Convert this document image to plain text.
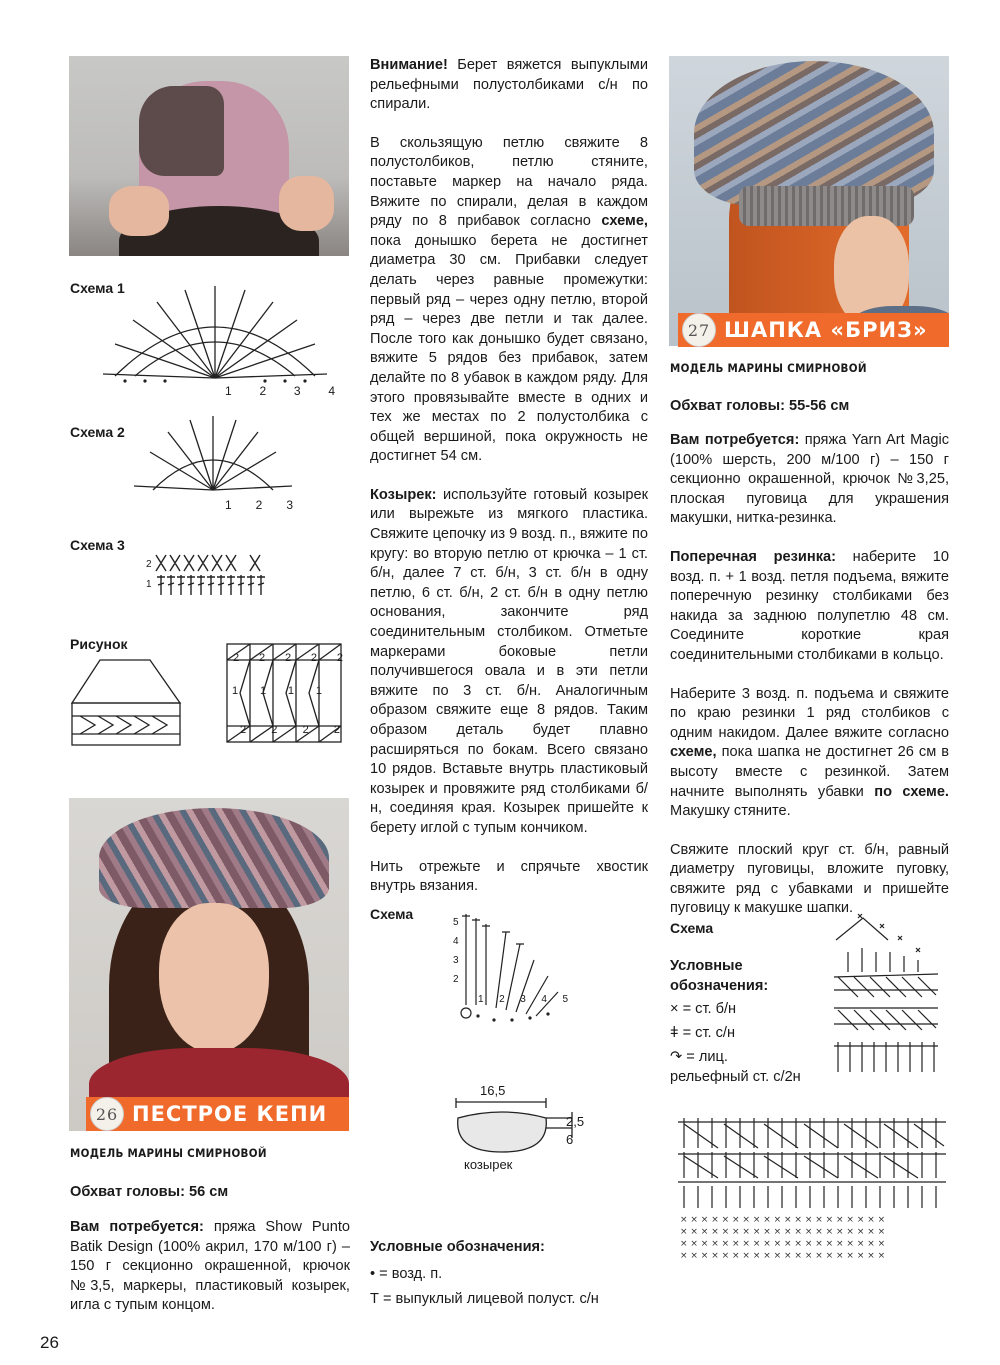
Схема 1
1 2 3 4
Схема 2
1 2 3
Схема 3
2
1
Рисунок
2 2 2 2 2
1 1 1 1
2 2 2 2
26 ПЕСТРОЕ КЕПИ
МОДЕЛЬ МАРИНЫ СМИРНОВОЙ
Обхват головы: 56 см

Вам потребуется: пряжа Show Punto Batik Design (100% акрил, 170 м/100 г) – 150 г секционно окрашенной, крючок №3,5, маркеры, пластиковый козырек, игла с тупым концом.

26

Внимание! Берет вяжется выпуклыми рельефными полустолбиками с/н по спирали.

В скользящую петлю свяжите 8 полустолбиков, петлю стяните, поставьте маркер на начало ряда. Вяжите по спирали, делая в каждом ряду по 8 прибавок согласно схеме, пока донышко берета не достигнет диаметра 30 см. Прибавки следует делать через равные промежутки: первый ряд – через одну петлю, второй ряд – через две петли и так далее. После того как донышко будет связано, вяжите 5 рядов без прибавок, затем делайте по 8 убавок в каждом ряду. Для этого провязывайте вместе в одних и тех же местах по 2 полустолбика с общей вершиной, пока окружность не достигнет 54 см.

Козырек: используйте готовый козырек или вырежьте из мягкого пластика. Свяжите цепочку из 9 возд. п., вяжите по кругу: во вторую петлю от крючка – 1 ст. б/н, далее 7 ст. б/н, 3 ст. б/н в одну петлю, 6 ст. б/н, 2 ст. б/н в одну петлю основания, закончите ряд соединительным столбиком. Отметьте маркерами боковые петли получившегося овала и в эти петли вяжите по 3 ст. б/н. Аналогичным образом свяжите еще 8 рядов. Таким образом деталь будет плавно расширяться по бокам. Всего связано 10 рядов. Вставьте внутрь пластиковый козырек и провяжите ряд столбиками б/н, соединяя края. Козырек пришейте к берету иглой с тупым кончиком.

Нить отрежьте и спрячьте хвостик внутрь вязания.

Схема
5
4
3
2
1 2 3 4 5
16,5
2,5
6
козырек
Условные обозначения:
• = возд. п.
Т = выпуклый лицевой полуст. с/н
27 ШАПКА «БРИЗ»
МОДЕЛЬ МАРИНЫ СМИРНОВОЙ
Обхват головы: 55-56 см

Вам потребуется: пряжа Yarn Art Magic (100% шерсть, 200 м/100 г) – 150 г секционно окрашенной, крючок №3,25, плоская пуговица для украшения макушки, нитка-резинка.

Поперечная резинка: наберите 10 возд. п. + 1 возд. петля подъема, вяжите поперечную резинку столбиками без накида за заднюю полупетлю 48 см. Соедините короткие края соединительными столбиками в кольцо.

Наберите 3 возд. п. подъема и свяжите по краю резинки 1 ряд столбиков с одним накидом. Далее вяжите согласно схеме, пока шапка не достигнет 26 см в высоту вместе с резинкой. Затем начните выполнять убавки по схеме. Макушку стяните.

Свяжите плоский круг ст. б/н, равный диаметру пуговицы, вложите пуговку, свяжите ряд с убавками и пришейте пуговицу к макушке шапки.

Схема
Условные обозначения:
× = ст. б/н
ǂ = ст. с/н
↷ = лиц. рельефный ст. с/2н
× × × × × × × × × × × × × × × × × × × ×
× × × × × × × × × × × × × × × × × × × ×
× × × × × × × × × × × × × × × × × × × ×
× × × × × × × × × × × × × × × × × × × ×
